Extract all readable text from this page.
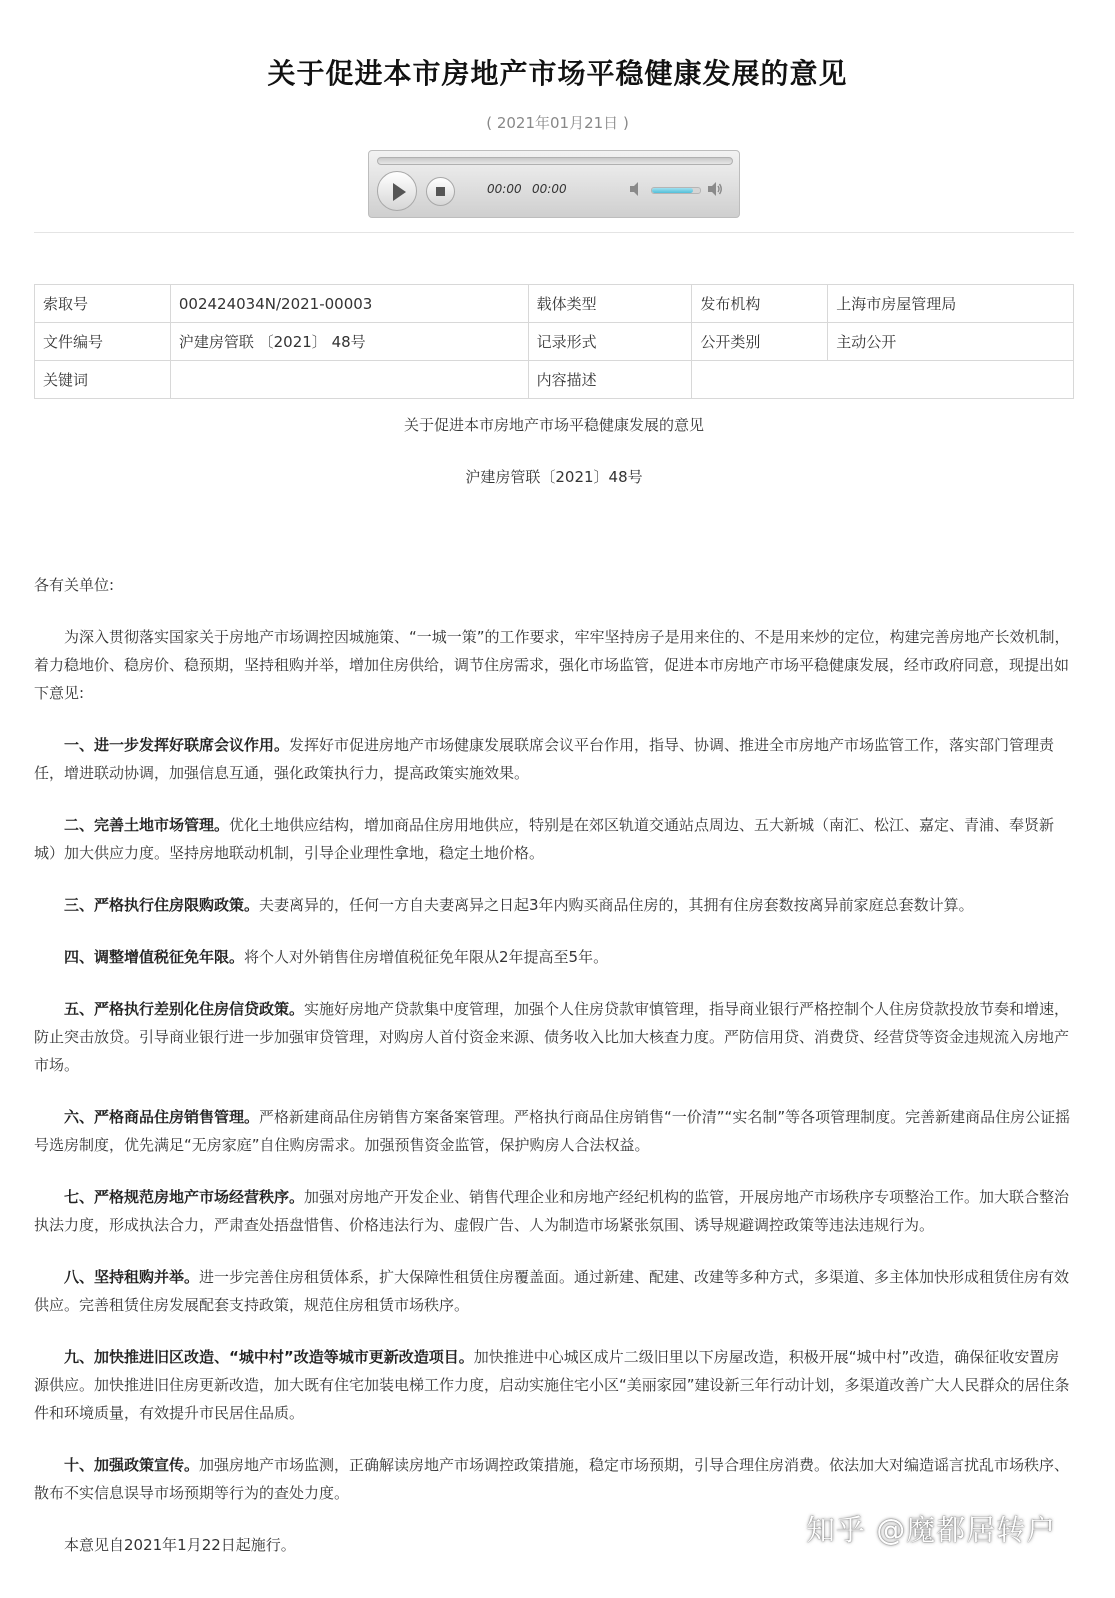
关于促进本市房地产市场平稳健康发展的意见
( 2021年01月21日 )
00:00 00:00
索取号	002424034N/2021-00003	载体类型	发布机构	上海市房屋管理局
文件编号	沪建房管联 〔2021〕 48号	记录形式	公开类别	主动公开
关键词		内容描述		
关于促进本市房地产市场平稳健康发展的意见
沪建房管联〔2021〕48号

各有关单位:

为深入贯彻落实国家关于房地产市场调控因城施策、“一城一策”的工作要求，牢牢坚持房子是用来住的、不是用来炒的定位，构建完善房地产长效机制，着力稳地价、稳房价、稳预期，坚持租购并举，增加住房供给，调节住房需求，强化市场监管，促进本市房地产市场平稳健康发展，经市政府同意，现提出如下意见:

一、进一步发挥好联席会议作用。发挥好市促进房地产市场健康发展联席会议平台作用，指导、协调、推进全市房地产市场监管工作，落实部门管理责任，增进联动协调，加强信息互通，强化政策执行力，提高政策实施效果。

二、完善土地市场管理。优化土地供应结构，增加商品住房用地供应，特别是在郊区轨道交通站点周边、五大新城（南汇、松江、嘉定、青浦、奉贤新城）加大供应力度。坚持房地联动机制，引导企业理性拿地，稳定土地价格。

三、严格执行住房限购政策。夫妻离异的，任何一方自夫妻离异之日起3年内购买商品住房的，其拥有住房套数按离异前家庭总套数计算。

四、调整增值税征免年限。将个人对外销售住房增值税征免年限从2年提高至5年。

五、严格执行差别化住房信贷政策。实施好房地产贷款集中度管理，加强个人住房贷款审慎管理，指导商业银行严格控制个人住房贷款投放节奏和增速，防止突击放贷。引导商业银行进一步加强审贷管理，对购房人首付资金来源、债务收入比加大核查力度。严防信用贷、消费贷、经营贷等资金违规流入房地产市场。

六、严格商品住房销售管理。严格新建商品住房销售方案备案管理。严格执行商品住房销售“一价清”“实名制”等各项管理制度。完善新建商品住房公证摇号选房制度，优先满足“无房家庭”自住购房需求。加强预售资金监管，保护购房人合法权益。

七、严格规范房地产市场经营秩序。加强对房地产开发企业、销售代理企业和房地产经纪机构的监管，开展房地产市场秩序专项整治工作。加大联合整治执法力度，形成执法合力，严肃查处捂盘惜售、价格违法行为、虚假广告、人为制造市场紧张氛围、诱导规避调控政策等违法违规行为。

八、坚持租购并举。进一步完善住房租赁体系，扩大保障性租赁住房覆盖面。通过新建、配建、改建等多种方式，多渠道、多主体加快形成租赁住房有效供应。完善租赁住房发展配套支持政策，规范住房租赁市场秩序。

九、加快推进旧区改造、“城中村”改造等城市更新改造项目。加快推进中心城区成片二级旧里以下房屋改造，积极开展“城中村”改造，确保征收安置房源供应。加快推进旧住房更新改造，加大既有住宅加装电梯工作力度，启动实施住宅小区“美丽家园”建设新三年行动计划，多渠道改善广大人民群众的居住条件和环境质量，有效提升市民居住品质。

十、加强政策宣传。加强房地产市场监测，正确解读房地产市场调控政策措施，稳定市场预期，引导合理住房消费。依法加大对编造谣言扰乱市场秩序、散布不实信息误导市场预期等行为的查处力度。

本意见自2021年1月22日起施行。	知乎 @魔都居转户
